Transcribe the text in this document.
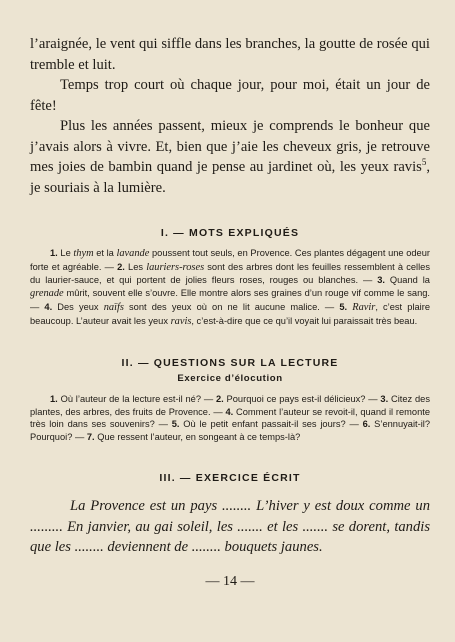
l’araignée, le vent qui siffle dans les branches, la goutte de rosée qui tremble et luit.

Temps trop court où chaque jour, pour moi, était un jour de fête!

Plus les années passent, mieux je comprends le bonheur que j’avais alors à vivre. Et, bien que j’aie les cheveux gris, je retrouve mes joies de bambin quand je pense au jardinet où, les yeux ravis$^5$, je souriais à la lumière.

I. — MOTS EXPLIQUÉS

1. Le thym et la lavande poussent tout seuls, en Provence. Ces plantes dégagent une odeur forte et agréable. — 2. Les lauriers-roses sont des arbres dont les feuilles ressemblent à celles du laurier-sauce, et qui portent de jolies fleurs roses, rouges ou blanches. — 3. Quand la grenade mûrit, souvent elle s’ouvre. Elle montre alors ses graines d’un rouge vif comme le sang. — 4. Des yeux naïfs sont des yeux où on ne lit aucune malice. — 5. Ravir, c’est plaire beaucoup. L’auteur avait les yeux ravis, c’est-à-dire que ce qu’il voyait lui paraissait très beau.

II. — QUESTIONS SUR LA LECTURE
Exercice d’élocution

1. Où l’auteur de la lecture est-il né? — 2. Pourquoi ce pays est-il délicieux? — 3. Citez des plantes, des arbres, des fruits de Provence. — 4. Comment l’auteur se revoit-il, quand il remonte très loin dans ses souvenirs? — 5. Où le petit enfant passait-il ses jours? — 6. S’ennuyait-il? Pourquoi? — 7. Que ressent l’auteur, en songeant à ce temps-là?

III. — EXERCICE ÉCRIT

La Provence est un pays ........ L’hiver y est doux comme un ......... En janvier, au gai soleil, les ....... et les ....... se dorent, tandis que les ........ deviennent de ........ bouquets jaunes.

— 14 —
